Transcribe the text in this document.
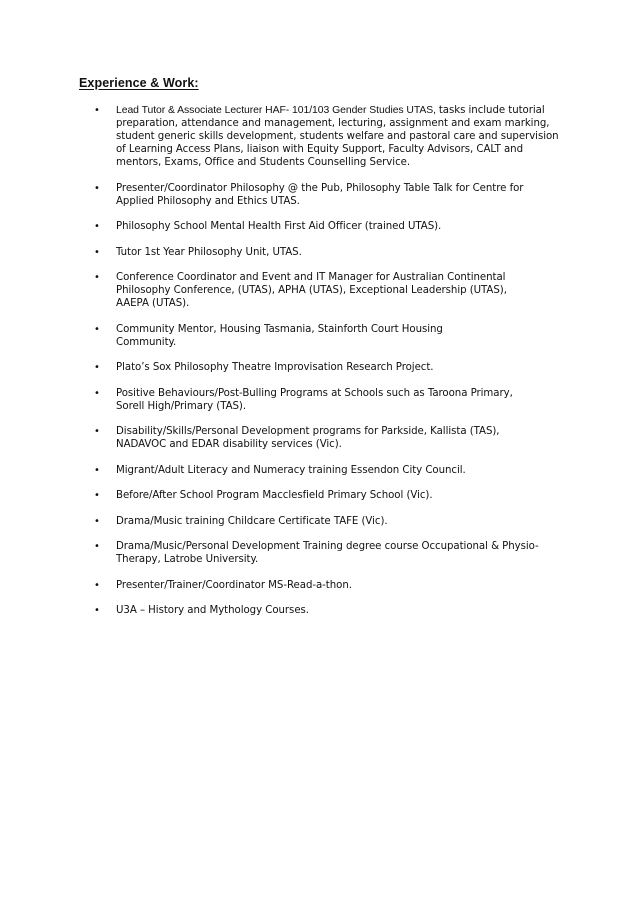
Experience & Work:
• Lead Tutor & Associate Lecturer HAF- 101/103 Gender Studies UTAS, tasks include tutorial preparation, attendance and management, lecturing, assignment and exam marking, student generic skills development, students welfare and pastoral care and supervision of Learning Access Plans, liaison with Equity Support, Faculty Advisors, CALT and mentors, Exams, Office and Students Counselling Service.
• Presenter/Coordinator Philosophy @ the Pub, Philosophy Table Talk for Centre for Applied Philosophy and Ethics UTAS.
• Philosophy School Mental Health First Aid Officer (trained UTAS).
• Tutor 1st Year Philosophy Unit, UTAS.
• Conference Coordinator and Event and IT Manager for Australian Continental Philosophy Conference, (UTAS), APHA (UTAS), Exceptional Leadership (UTAS), AAEPA (UTAS).
• Community Mentor, Housing Tasmania, Stainforth Court Housing Community.
• Plato’s Sox Philosophy Theatre Improvisation Research Project.
• Positive Behaviours/Post-Bulling Programs at Schools such as Taroona Primary, Sorell High/Primary (TAS).
• Disability/Skills/Personal Development programs for Parkside, Kallista (TAS), NADAVOC and EDAR disability services (Vic).
• Migrant/Adult Literacy and Numeracy training Essendon City Council.
• Before/After School Program Macclesfield Primary School (Vic).
• Drama/Music training Childcare Certificate TAFE (Vic).
• Drama/Music/Personal Development Training degree course Occupational & Physio-Therapy, Latrobe University.
• Presenter/Trainer/Coordinator MS-Read-a-thon.
• U3A – History and Mythology Courses.
